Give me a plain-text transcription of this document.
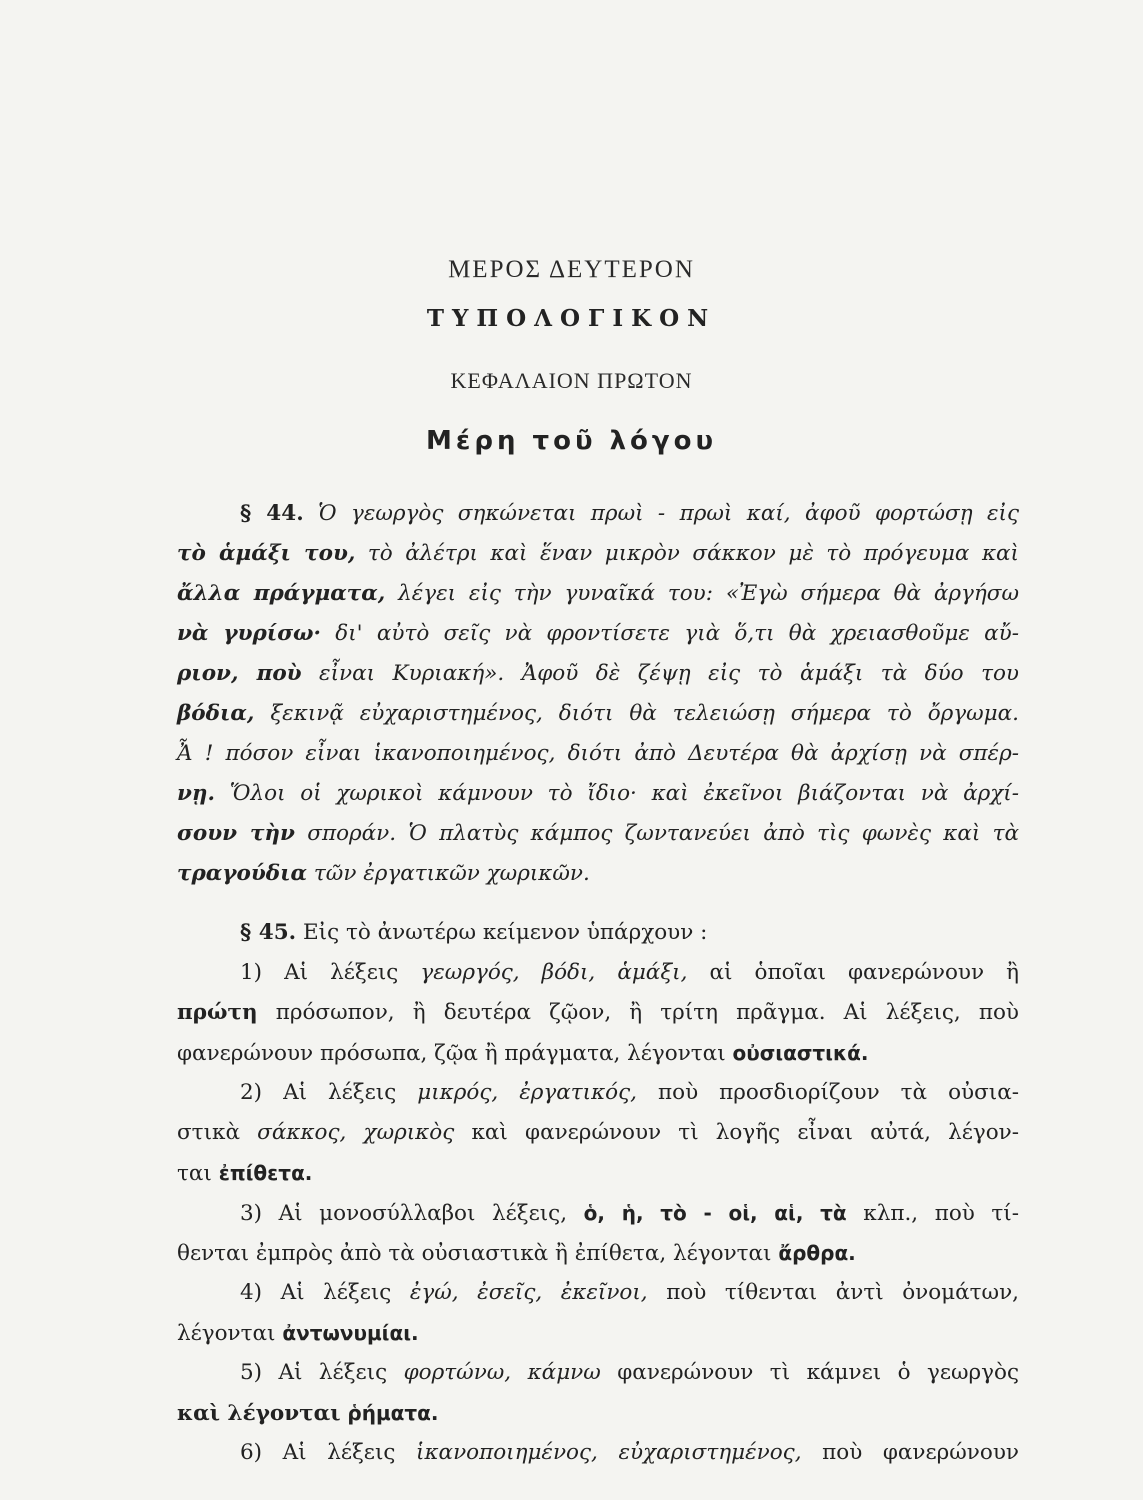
ΜΕΡΟΣ ΔΕΥΤΕΡΟΝ
ΤΥΠΟΛΟΓΙΚΟΝ
ΚΕΦΑΛΑΙΟΝ ΠΡΩΤΟΝ
Μέρη τοῦ λόγου
§ 44. Ὁ γεωργὸς σηκώνεται πρωὶ - πρωὶ καί, ἀφοῦ φορτώσῃ εἰς
τὸ ἁμάξι του, τὸ ἀλέτρι καὶ ἕναν μικρὸν σάκκον μὲ τὸ πρόγευμα καὶ
ἄλλα πράγματα, λέγει εἰς τὴν γυναῖκά του: «Ἐγὼ σήμερα θὰ ἀργήσω
νὰ γυρίσω· δι' αὐτὸ σεῖς νὰ φροντίσετε γιὰ ὅ,τι θὰ χρειασθοῦμε αὔ-
ριον, ποὺ εἶναι Κυριακή». Ἀφοῦ δὲ ζέψῃ εἰς τὸ ἁμάξι τὰ δύο του
βόδια, ξεκινᾷ εὐχαριστημένος, διότι θὰ τελειώσῃ σήμερα τὸ ὄργωμα.
Ἆ ! πόσον εἶναι ἱκανοποιημένος, διότι ἀπὸ Δευτέρα θὰ ἀρχίσῃ νὰ σπέρ-
νῃ. Ὅλοι οἱ χωρικοὶ κάμνουν τὸ ἴδιο· καὶ ἐκεῖνοι βιάζονται νὰ ἀρχί-
σουν τὴν σποράν. Ὁ πλατὺς κάμπος ζωντανεύει ἀπὸ τὶς φωνὲς καὶ τὰ
τραγούδια τῶν ἐργατικῶν χωρικῶν.
§ 45. Εἰς τὸ ἀνωτέρω κείμενον ὑπάρχουν :
1) Αἱ λέξεις γεωργός, βόδι, ἁμάξι, αἱ ὁποῖαι φανερώνουν ἢ
πρώτη πρόσωπον, ἢ δευτέρα ζῷον, ἢ τρίτη πρᾶγμα. Αἱ λέξεις, ποὺ
φανερώνουν πρόσωπα, ζῷα ἢ πράγματα, λέγονται οὐσιαστικά.
2) Αἱ λέξεις μικρός, ἐργατικός, ποὺ προσδιορίζουν τὰ οὐσια-
στικὰ σάκκος, χωρικὸς καὶ φανερώνουν τὶ λογῆς εἶναι αὐτά, λέγον-
ται ἐπίθετα.
3) Αἱ μονοσύλλαβοι λέξεις, ὁ, ἡ, τὸ - οἱ, αἱ, τὰ κλπ., ποὺ τί-
θενται ἐμπρὸς ἀπὸ τὰ οὐσιαστικὰ ἢ ἐπίθετα, λέγονται ἄρθρα.
4) Αἱ λέξεις ἐγώ, ἐσεῖς, ἐκεῖνοι, ποὺ τίθενται ἀντὶ ὀνομάτων,
λέγονται ἀντωνυμίαι.
5) Αἱ λέξεις φορτώνω, κάμνω φανερώνουν τὶ κάμνει ὁ γεωργὸς
καὶ λέγονται ῥήματα.
6) Αἱ λέξεις ἱκανοποιημένος, εὐχαριστημένος, ποὺ φανερώνουν
